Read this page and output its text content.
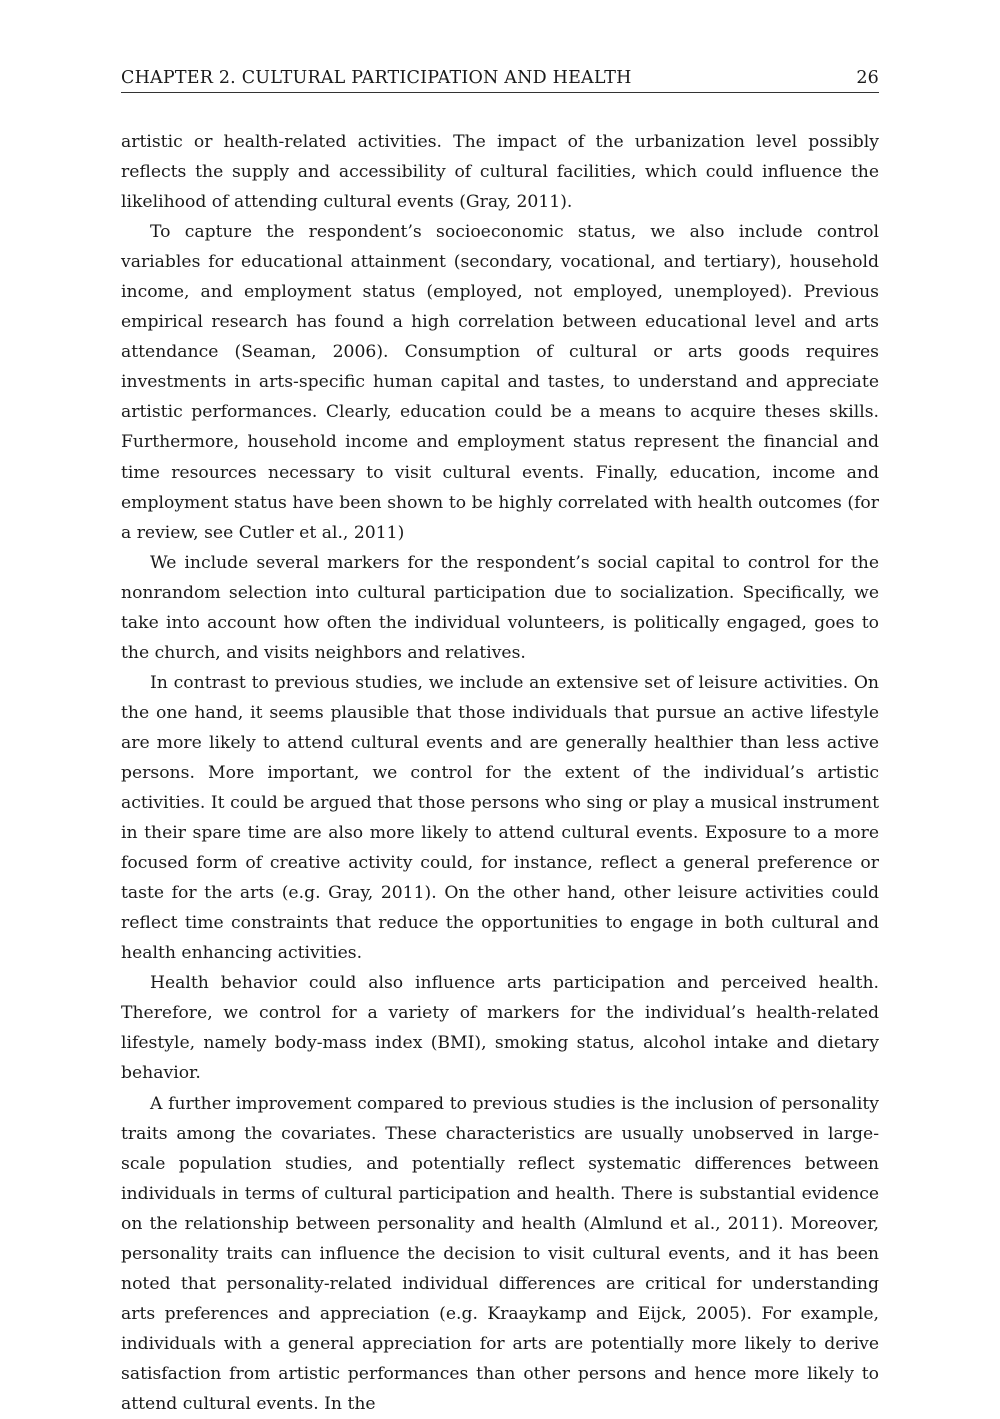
CHAPTER 2. CULTURAL PARTICIPATION AND HEALTH	26

artistic or health-related activities. The impact of the urbanization level possibly reflects the supply and accessibility of cultural facilities, which could influence the likelihood of attending cultural events (Gray, 2011).

To capture the respondent’s socioeconomic status, we also include control variables for educational attainment (secondary, vocational, and tertiary), household income, and employment status (employed, not employed, unemployed). Previous empirical research has found a high correlation between educational level and arts attendance (Seaman, 2006). Consumption of cultural or arts goods requires investments in arts-specific human capital and tastes, to understand and appreciate artistic performances. Clearly, education could be a means to acquire theses skills. Furthermore, household income and employment status represent the financial and time resources necessary to visit cultural events. Finally, education, income and employment status have been shown to be highly correlated with health outcomes (for a review, see Cutler et al., 2011)

We include several markers for the respondent’s social capital to control for the nonrandom selection into cultural participation due to socialization. Specifically, we take into account how often the individual volunteers, is politically engaged, goes to the church, and visits neighbors and relatives.

In contrast to previous studies, we include an extensive set of leisure activities. On the one hand, it seems plausible that those individuals that pursue an active lifestyle are more likely to attend cultural events and are generally healthier than less active persons. More important, we control for the extent of the individual’s artistic activities. It could be argued that those persons who sing or play a musical instrument in their spare time are also more likely to attend cultural events. Exposure to a more focused form of creative activity could, for instance, reflect a general preference or taste for the arts (e.g. Gray, 2011). On the other hand, other leisure activities could reflect time constraints that reduce the opportunities to engage in both cultural and health enhancing activities.

Health behavior could also influence arts participation and perceived health. Therefore, we control for a variety of markers for the individual’s health-related lifestyle, namely body-mass index (BMI), smoking status, alcohol intake and dietary behavior.

A further improvement compared to previous studies is the inclusion of personality traits among the covariates. These characteristics are usually unobserved in large-scale population studies, and potentially reflect systematic differences between individuals in terms of cultural participation and health. There is substantial evidence on the relationship between personality and health (Almlund et al., 2011). Moreover, personality traits can influence the decision to visit cultural events, and it has been noted that personality-related individual differences are critical for understanding arts preferences and appreciation (e.g. Kraaykamp and Eijck, 2005). For example, individuals with a general appreciation for arts are potentially more likely to derive satisfaction from artistic performances than other persons and hence more likely to attend cultural events. In the
